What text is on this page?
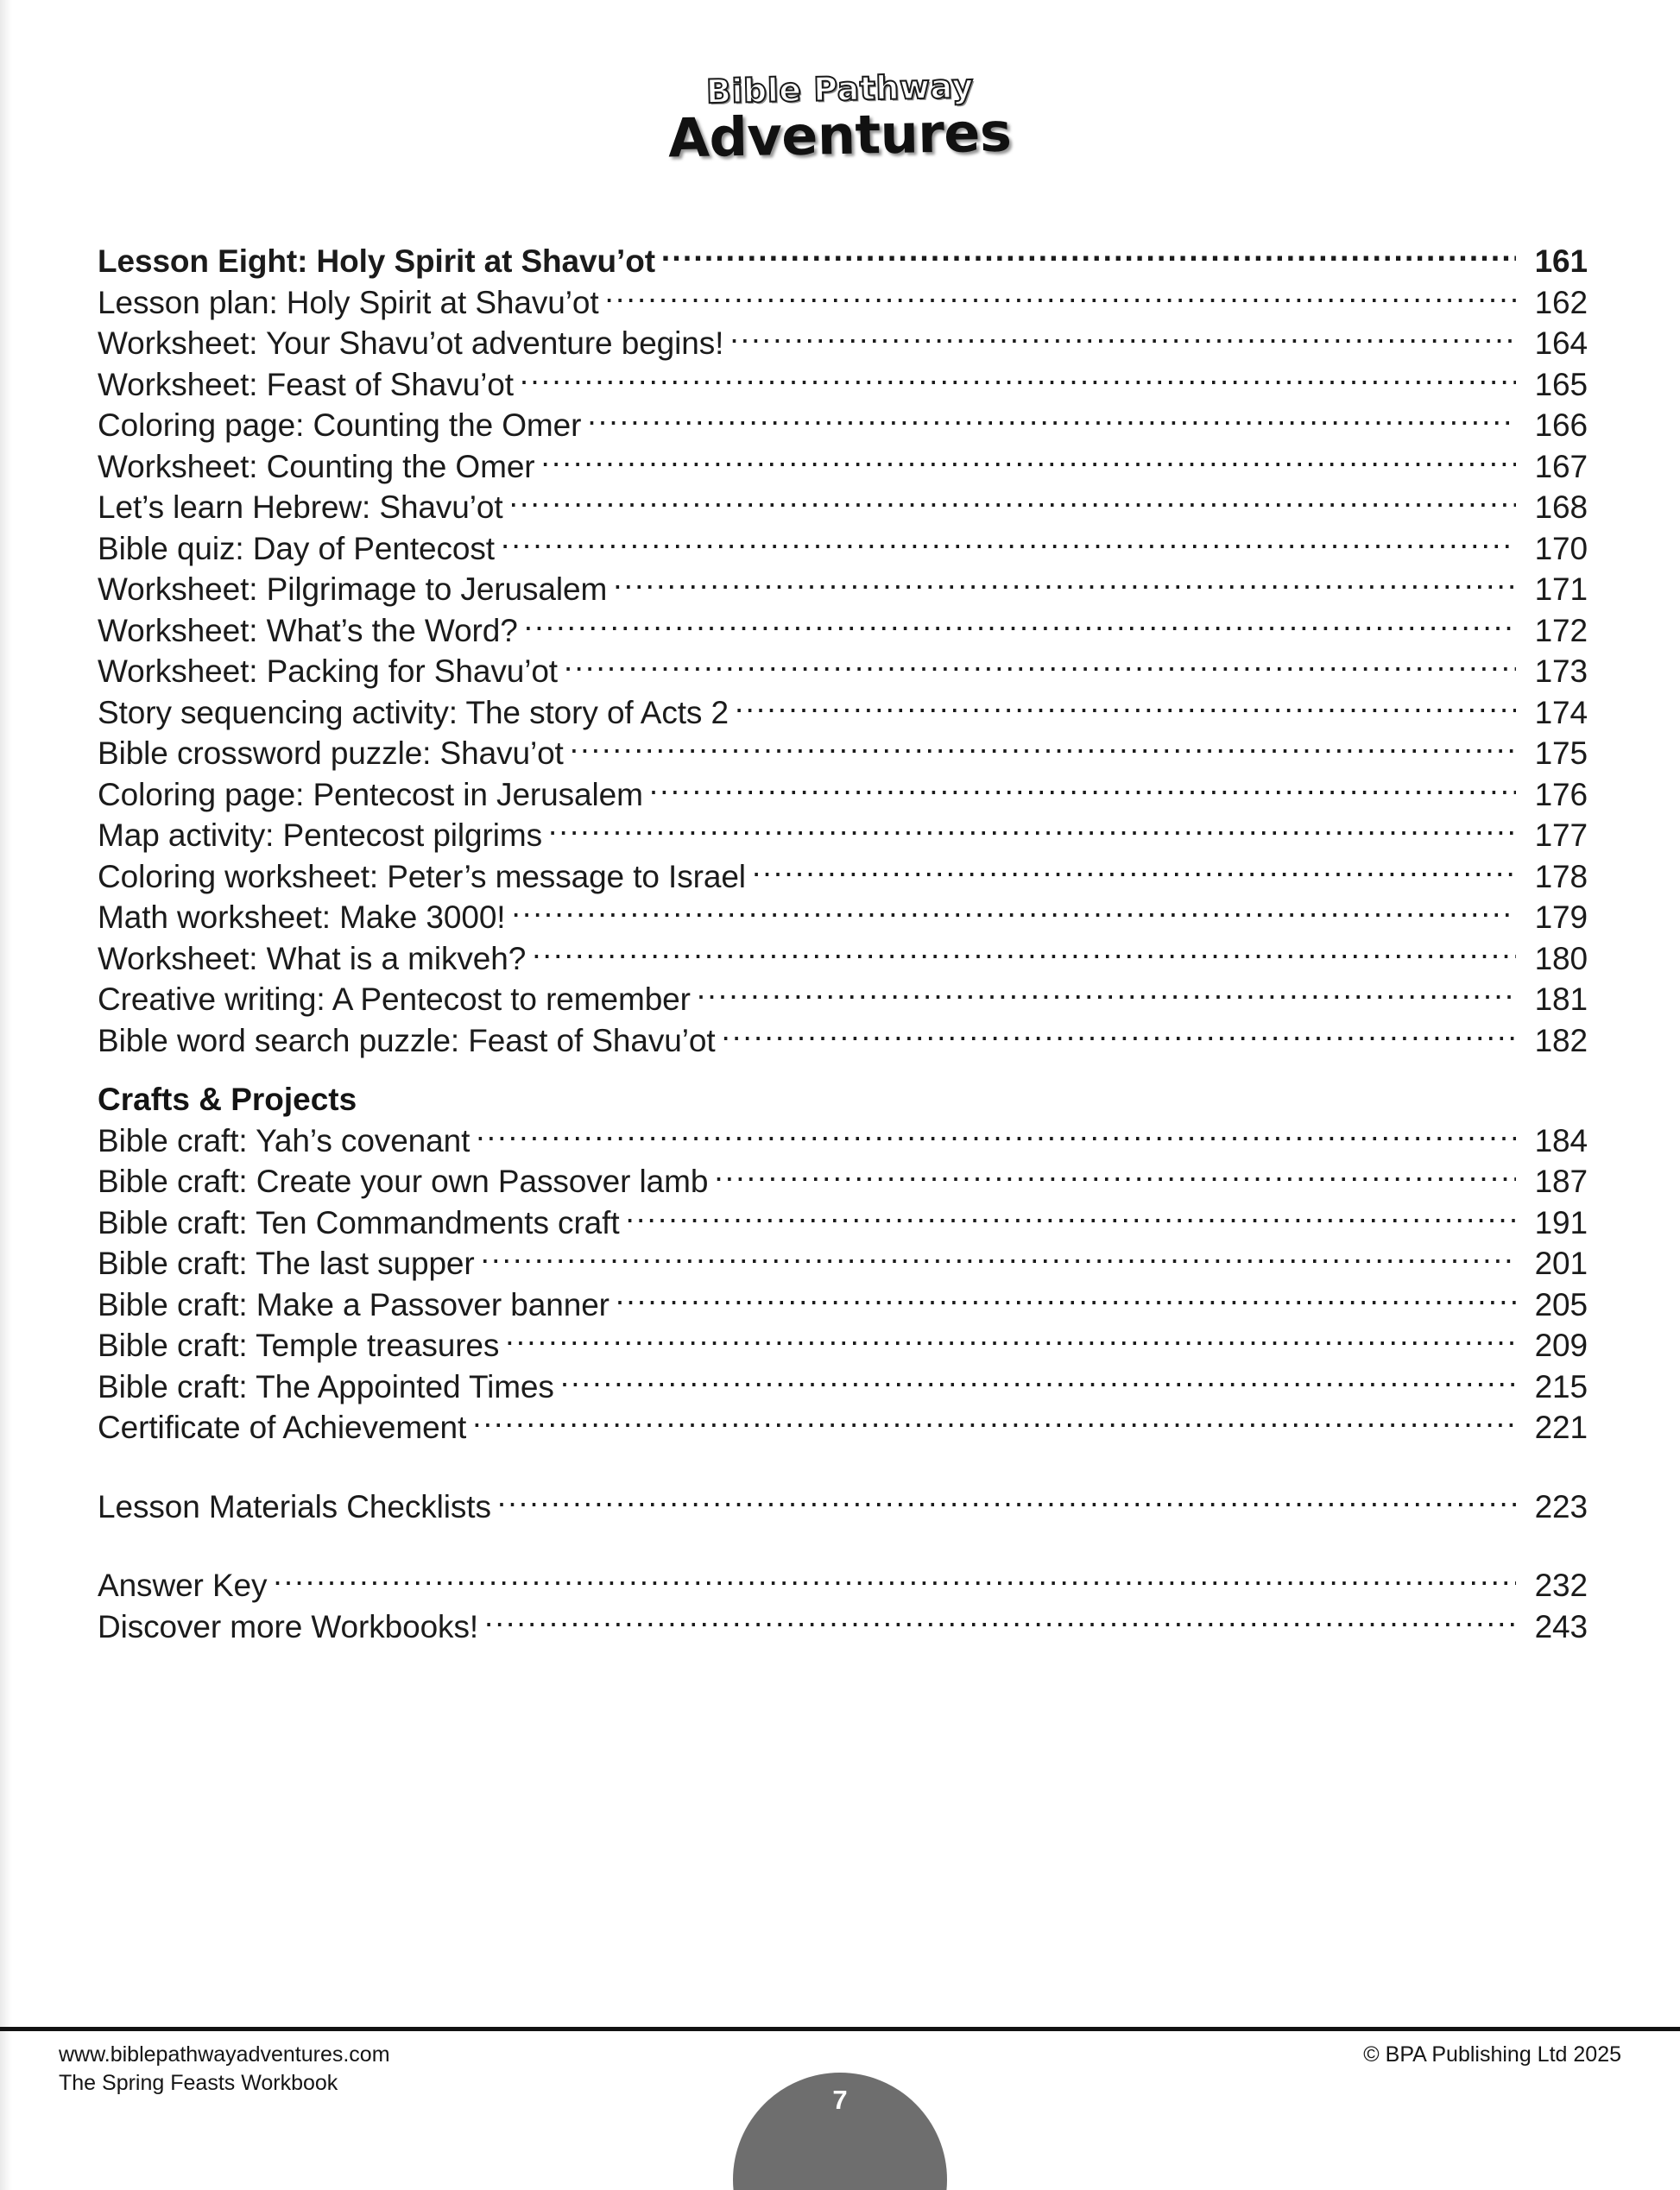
Bible Pathway
Adventures
Lesson Eight: Holy Spirit at Shavu’ot .....	161
Lesson plan: Holy Spirit at Shavu’ot .....	162
Worksheet: Your Shavu’ot adventure begins! .....	164
Worksheet: Feast of Shavu’ot .....	165
Coloring page: Counting the Omer .....	166
Worksheet: Counting the Omer .....	167
Let’s learn Hebrew: Shavu’ot .....	168
Bible quiz: Day of Pentecost .....	170
Worksheet: Pilgrimage to Jerusalem .....	171
Worksheet: What’s the Word? .....	172
Worksheet: Packing for Shavu’ot .....	173
Story sequencing activity: The story of Acts 2 .....	174
Bible crossword puzzle: Shavu’ot .....	175
Coloring page: Pentecost in Jerusalem .....	176
Map activity: Pentecost pilgrims .....	177
Coloring worksheet: Peter’s message to Israel .....	178
Math worksheet: Make 3000! .....	179
Worksheet: What is a mikveh? .....	180
Creative writing: A Pentecost to remember .....	181
Bible word search puzzle: Feast of Shavu’ot .....	182
Crafts & Projects
Bible craft: Yah’s covenant .....	184
Bible craft: Create your own Passover lamb .....	187
Bible craft: Ten Commandments craft .....	191
Bible craft: The last supper .....	201
Bible craft: Make a Passover banner .....	205
Bible craft: Temple treasures .....	209
Bible craft: The Appointed Times .....	215
Certificate of Achievement .....	221
Lesson Materials Checklists .....	223
Answer Key .....	232
Discover more Workbooks! .....	243
www.biblepathwayadventures.com
The Spring Feasts Workbook
© BPA Publishing Ltd 2025
7
